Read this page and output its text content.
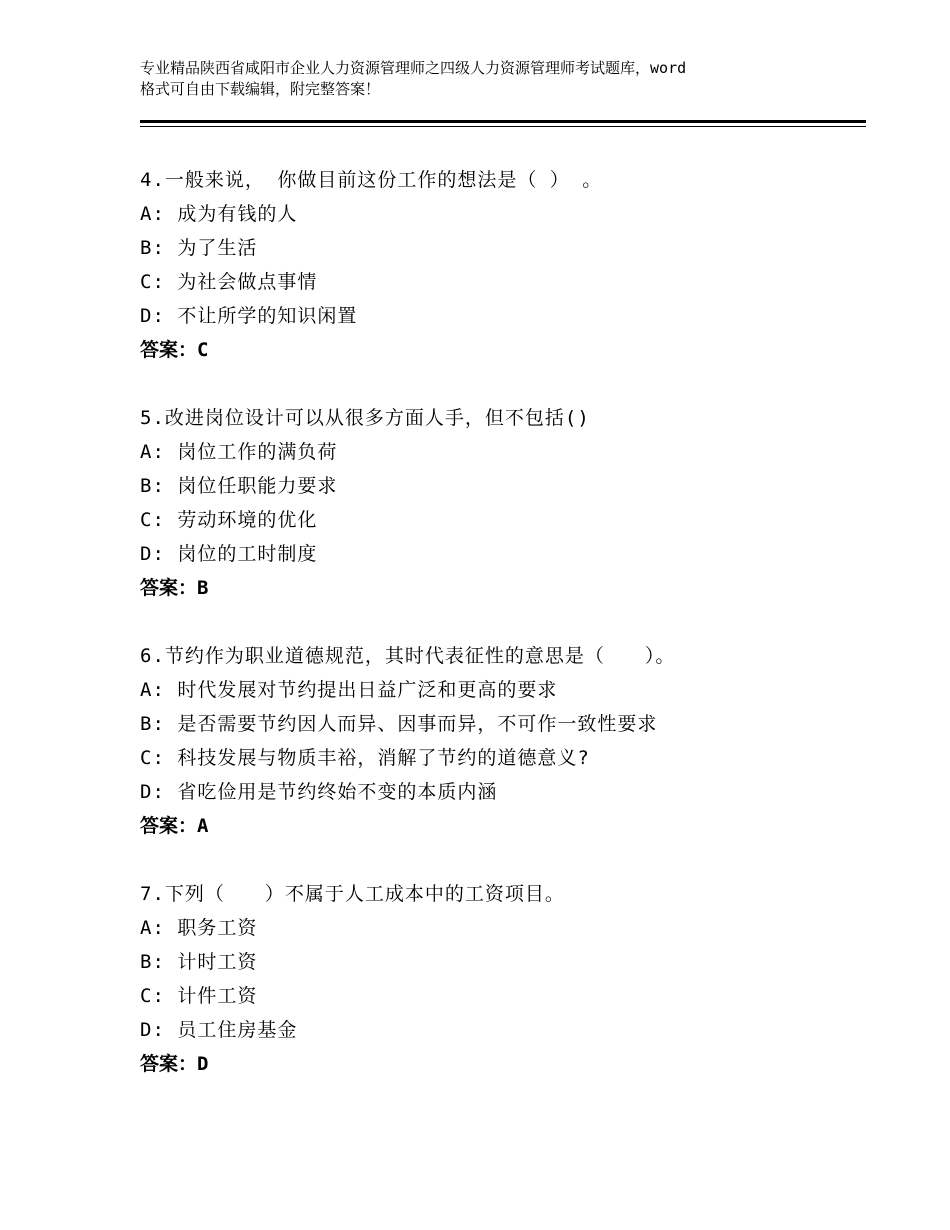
专业精品陕西省咸阳市企业人力资源管理师之四级人力资源管理师考试题库，word
格式可自由下载编辑，附完整答案！
4.一般来说， 你做目前这份工作的想法是（ ） 。
A: 成为有钱的人
B: 为了生活
C: 为社会做点事情
D: 不让所学的知识闲置
答案：C
5.改进岗位设计可以从很多方面人手，但不包括()
A: 岗位工作的满负荷
B: 岗位任职能力要求
C: 劳动环境的优化
D: 岗位的工时制度
答案：B
6.节约作为职业道德规范，其时代表征性的意思是（　　）。
A: 时代发展对节约提出日益广泛和更高的要求
B: 是否需要节约因人而异、因事而异，不可作一致性要求
C: 科技发展与物质丰裕，消解了节约的道德意义?
D: 省吃俭用是节约终始不变的本质内涵
答案：A
7.下列（　　）不属于人工成本中的工资项目。
A: 职务工资
B: 计时工资
C: 计件工资
D: 员工住房基金
答案：D
